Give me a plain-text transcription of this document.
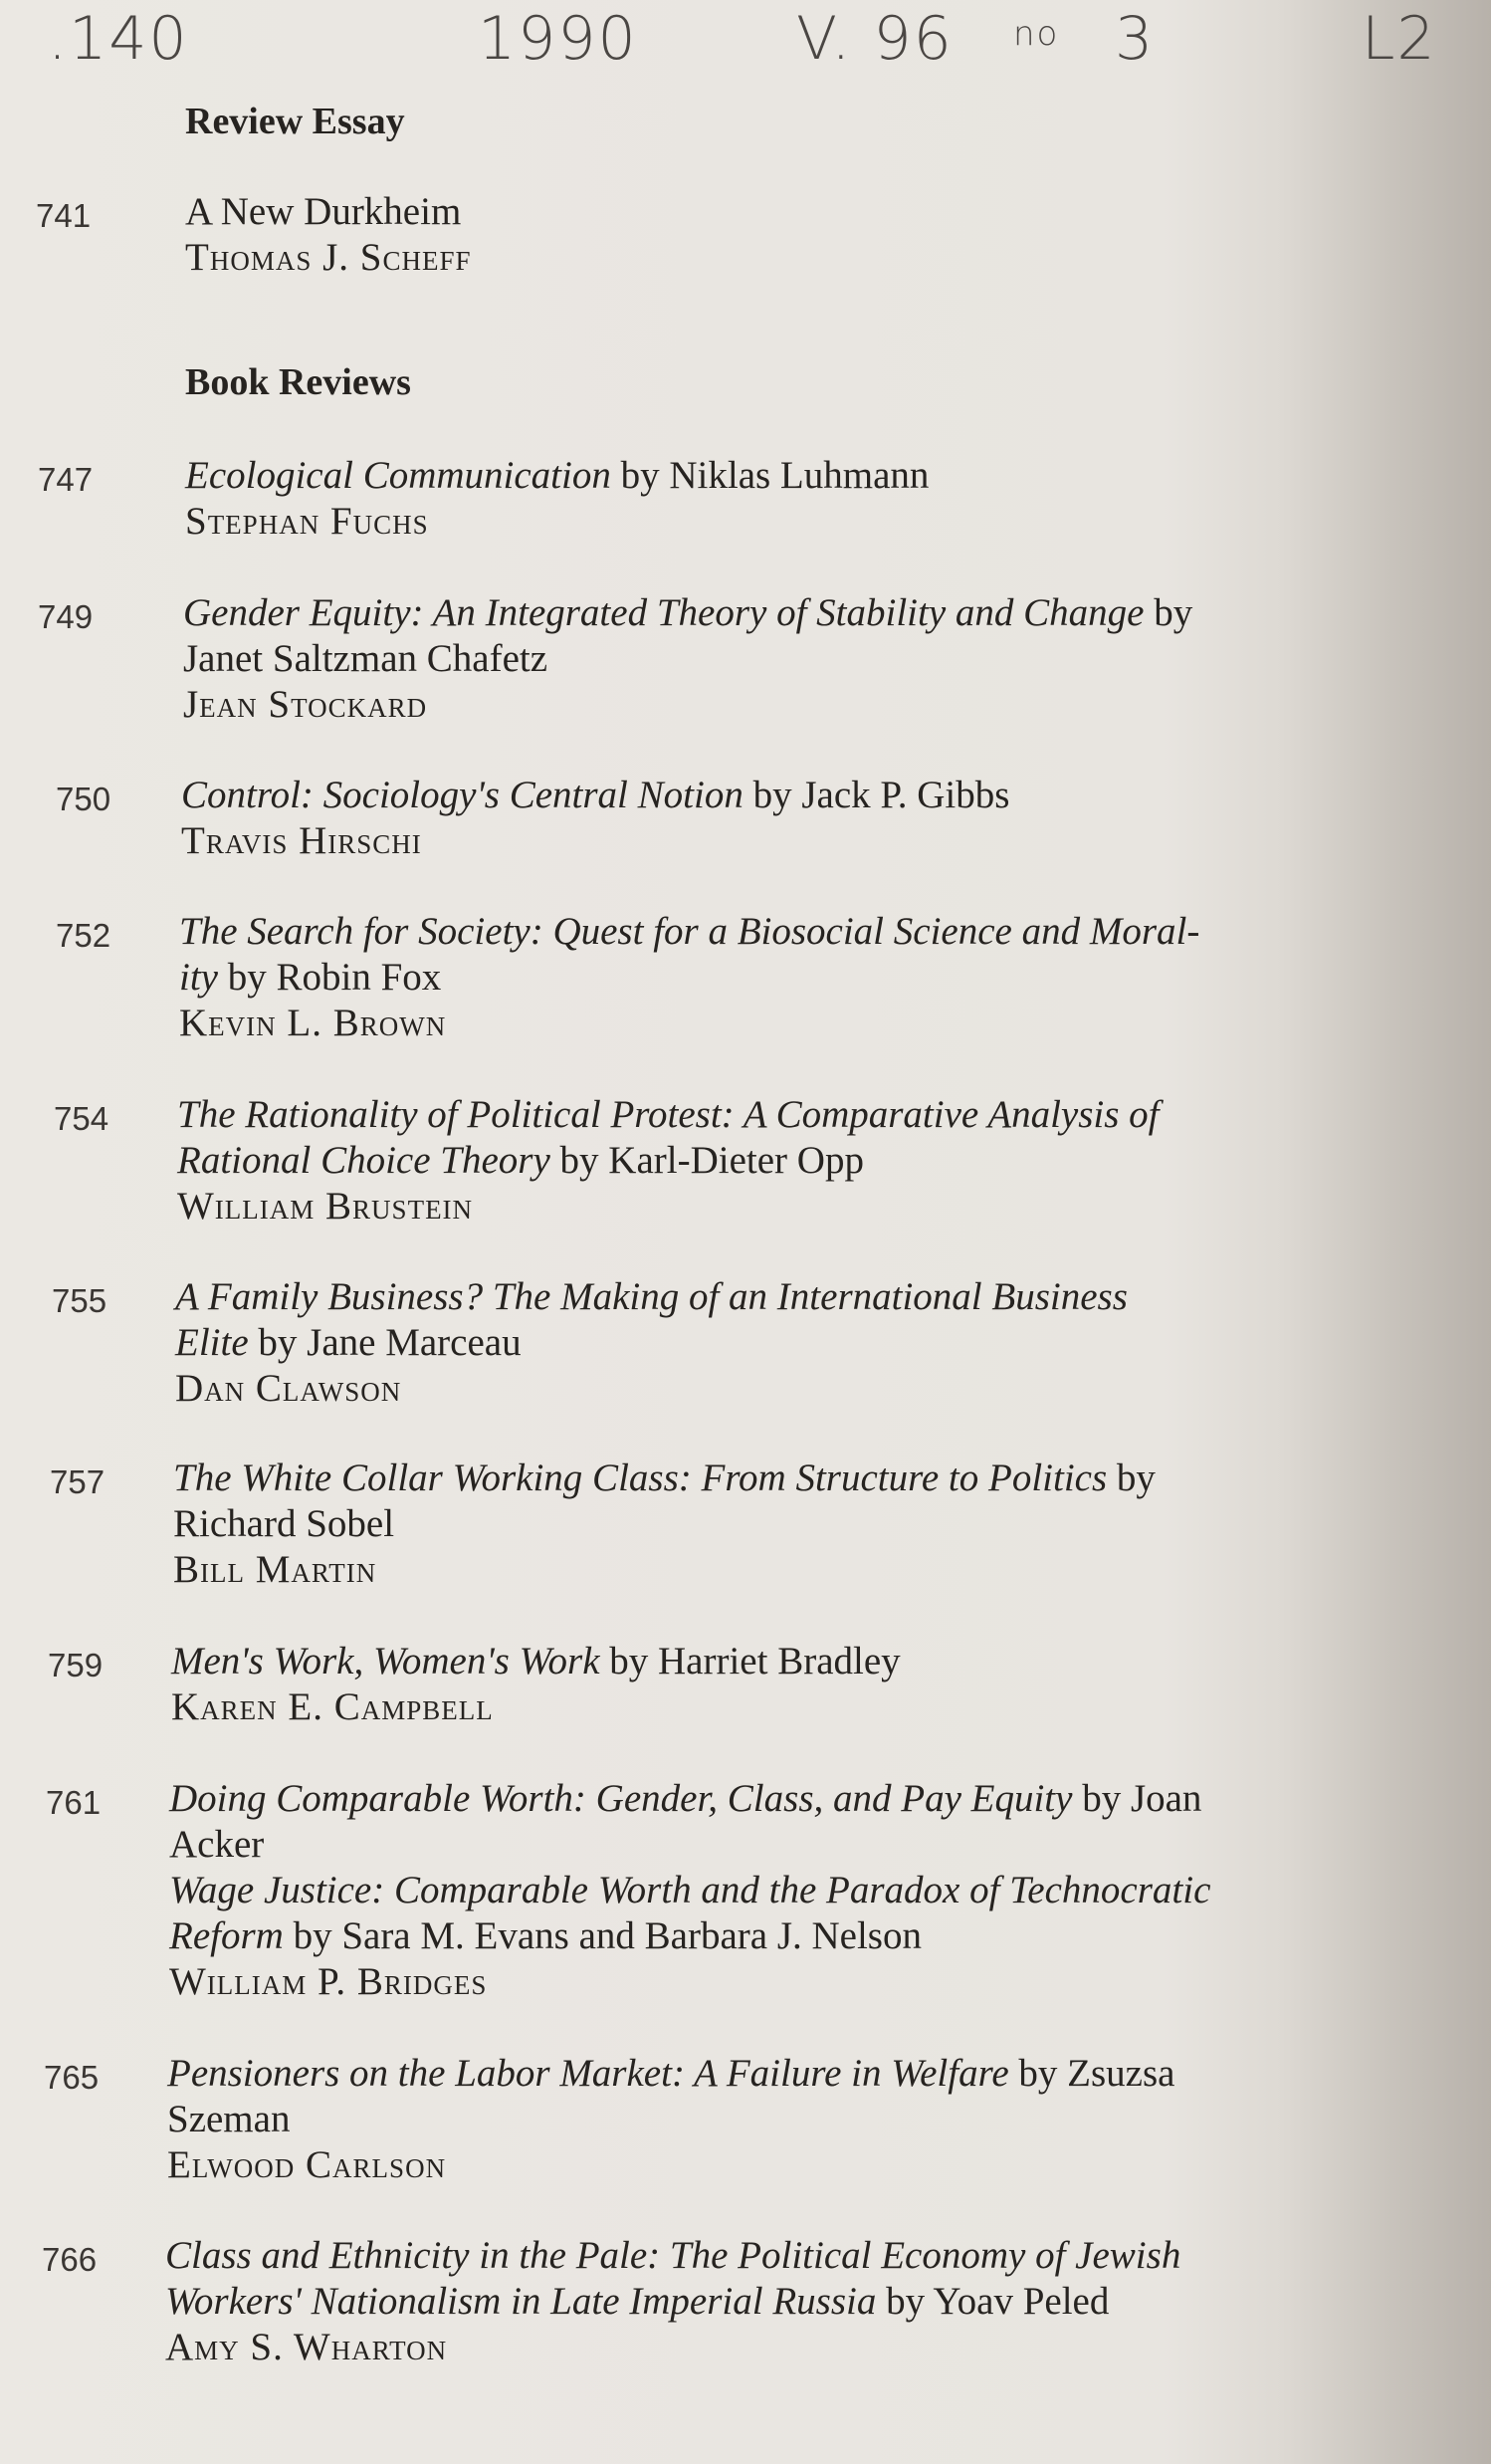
.140	1990	V. 96 no 3	L2
Review Essay
741	A New Durkheim
Thomas J. Scheff
Book Reviews
747	Ecological Communication by Niklas Luhmann
Stephan Fuchs
749	Gender Equity: An Integrated Theory of Stability and Change by
Janet Saltzman Chafetz
Jean Stockard
750	Control: Sociology's Central Notion by Jack P. Gibbs
Travis Hirschi
752	The Search for Society: Quest for a Biosocial Science and Moral-
ity by Robin Fox
Kevin L. Brown
754	The Rationality of Political Protest: A Comparative Analysis of
Rational Choice Theory by Karl-Dieter Opp
William Brustein
755	A Family Business? The Making of an International Business
Elite by Jane Marceau
Dan Clawson
757	The White Collar Working Class: From Structure to Politics by
Richard Sobel
Bill Martin
759	Men's Work, Women's Work by Harriet Bradley
Karen E. Campbell
761	Doing Comparable Worth: Gender, Class, and Pay Equity by Joan
Acker
Wage Justice: Comparable Worth and the Paradox of Technocratic
Reform by Sara M. Evans and Barbara J. Nelson
William P. Bridges
765	Pensioners on the Labor Market: A Failure in Welfare by Zsuzsa
Szeman
Elwood Carlson
766	Class and Ethnicity in the Pale: The Political Economy of Jewish
Workers' Nationalism in Late Imperial Russia by Yoav Peled
Amy S. Wharton
